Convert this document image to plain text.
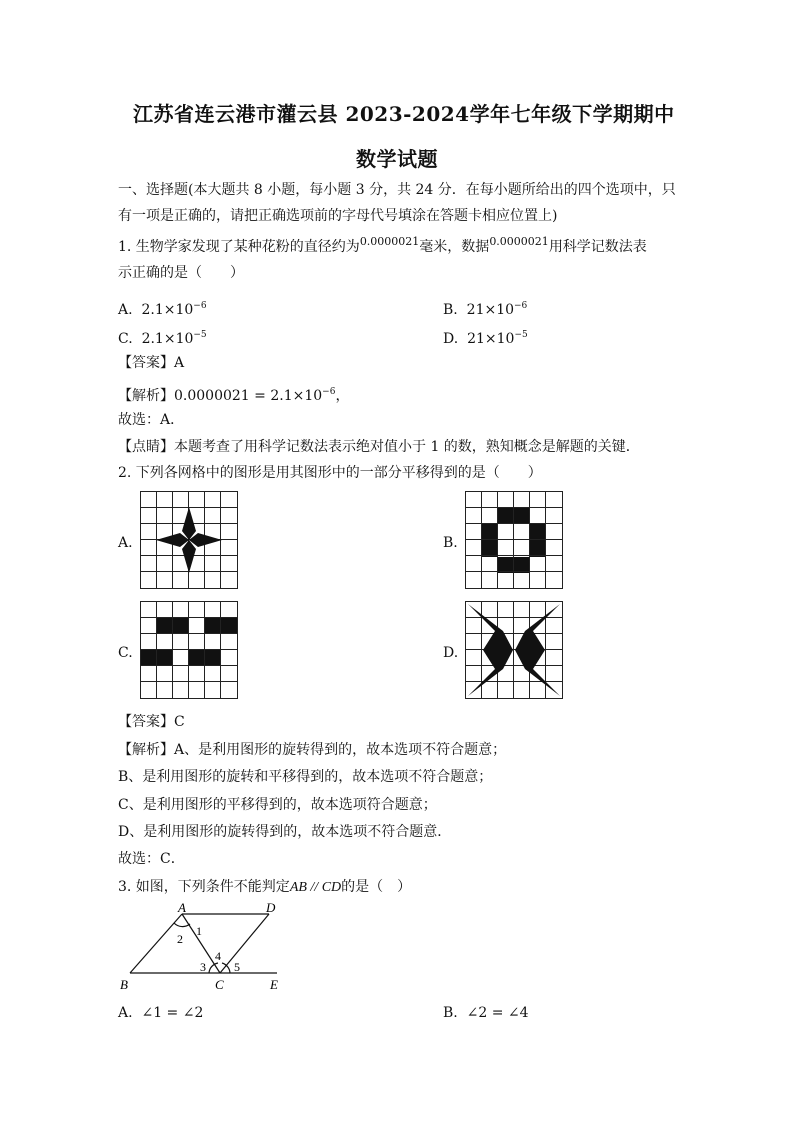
江苏省连云港市灌云县 2023-2024学年七年级下学期期中
数学试题
一、选择题(本大题共 8 小题，每小题 3 分，共 24 分．在每小题所给出的四个选项中，只
有一项是正确的，请把正确选项前的字母代号填涂在答题卡相应位置上)
1. 生物学家发现了某种花粉的直径约为$^{0.0000021}$毫米，数据$^{0.0000021}$用科学记数法表
示正确的是（　　）
A. $2.1\times 10^{-6}$	B. $21\times 10^{-6}$
C. $2.1\times 10^{-5}$	D. $21\times 10^{-5}$
【答案】A
【解析】$0.0000021 = 2.1\times 10^{-6}$，
故选：A．
【点睛】本题考查了用科学记数法表示绝对值小于 1 的数，熟知概念是解题的关键．
2. 下列各网格中的图形是用其图形中的一部分平移得到的是（　　）
A.	B.
C.	D.
【答案】C
【解析】A、是利用图形的旋转得到的，故本选项不符合题意；
B、是利用图形的旋转和平移得到的，故本选项不符合题意；
C、是利用图形的平移得到的，故本选项符合题意；
D、是利用图形的旋转得到的，故本选项不符合题意．
故选：C．
3. 如图，下列条件不能判定AB // CD的是（　）
A	D
B	C	E
1
2
3
4
5
A. ∠1 = ∠2	B. ∠2 = ∠4
